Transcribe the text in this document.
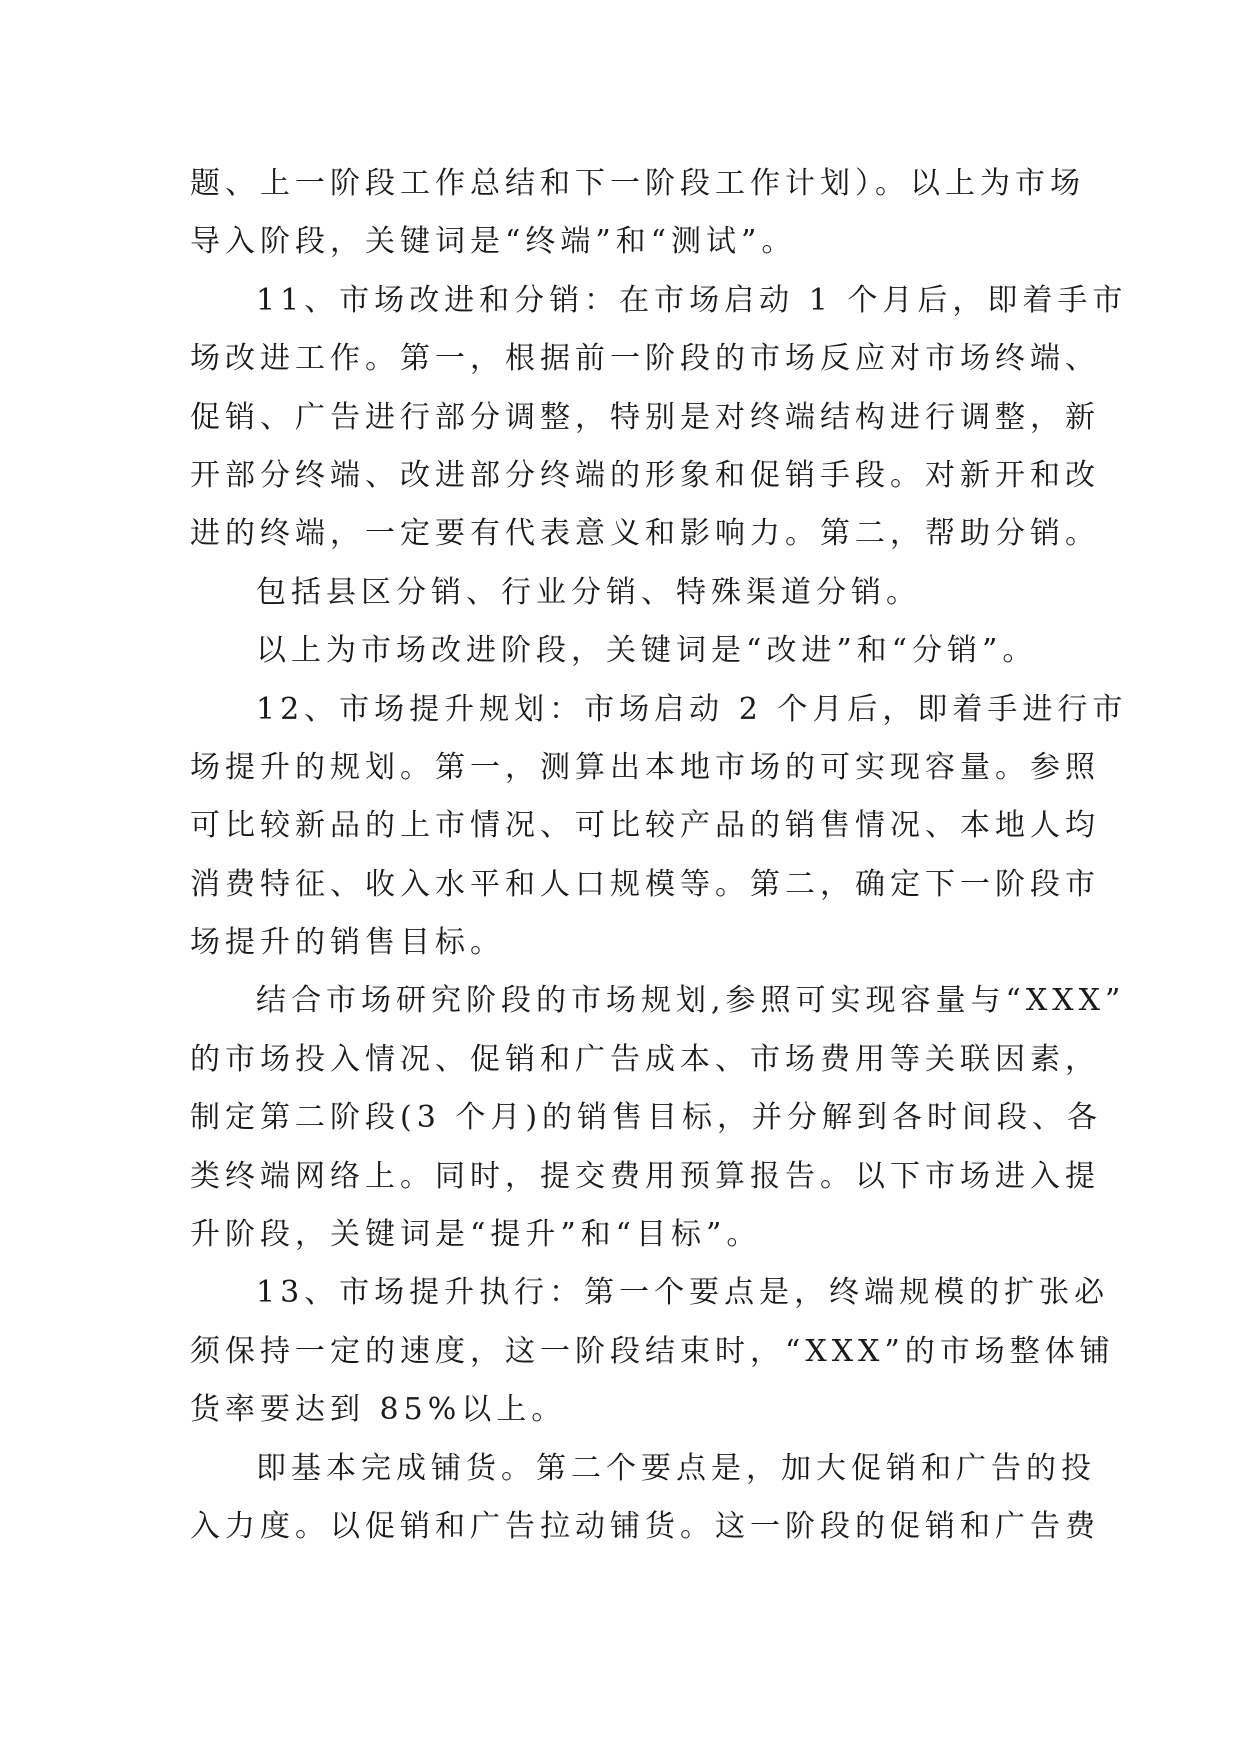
题、上一阶段工作总结和下一阶段工作计划）。以上为市场
导入阶段，关键词是“终端”和“测试”。
11、市场改进和分销：在市场启动 1 个月后，即着手市
场改进工作。第一，根据前一阶段的市场反应对市场终端、
促销、广告进行部分调整，特别是对终端结构进行调整，新
开部分终端、改进部分终端的形象和促销手段。对新开和改
进的终端，一定要有代表意义和影响力。第二，帮助分销。
包括县区分销、行业分销、特殊渠道分销。
以上为市场改进阶段，关键词是“改进”和“分销”。
12、市场提升规划：市场启动 2 个月后，即着手进行市
场提升的规划。第一，测算出本地市场的可实现容量。参照
可比较新品的上市情况、可比较产品的销售情况、本地人均
消费特征、收入水平和人口规模等。第二，确定下一阶段市
场提升的销售目标。
结合市场研究阶段的市场规划,参照可实现容量与“XXX”
的市场投入情况、促销和广告成本、市场费用等关联因素，
制定第二阶段(3 个月)的销售目标，并分解到各时间段、各
类终端网络上。同时，提交费用预算报告。以下市场进入提
升阶段，关键词是“提升”和“目标”。
13、市场提升执行：第一个要点是，终端规模的扩张必
须保持一定的速度，这一阶段结束时，“XXX”的市场整体铺
货率要达到 85%以上。
即基本完成铺货。第二个要点是，加大促销和广告的投
入力度。以促销和广告拉动铺货。这一阶段的促销和广告费
